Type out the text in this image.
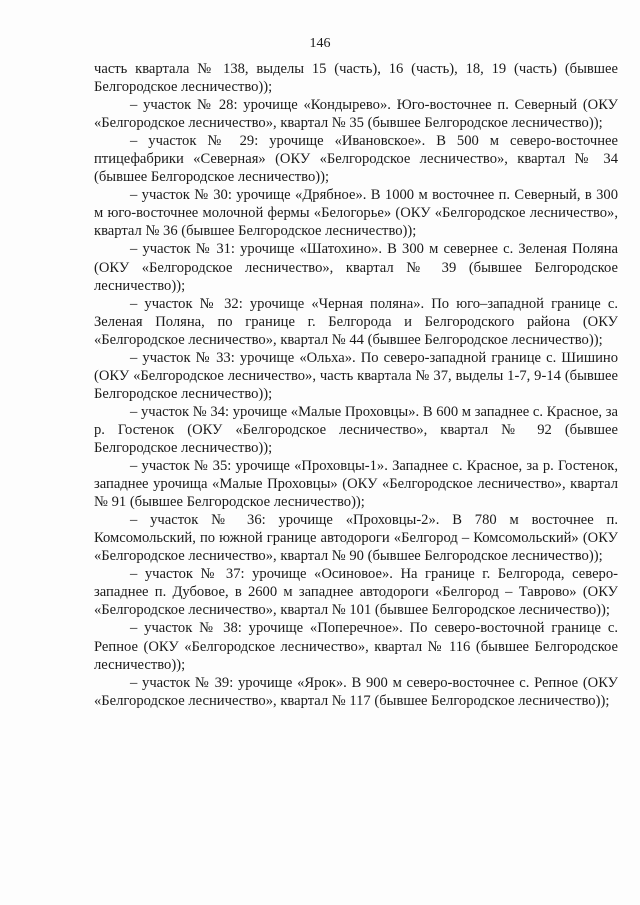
146

часть квартала № 138, выделы 15 (часть), 16 (часть), 18, 19 (часть) (бывшее Белгородское лесничество));

– участок № 28: урочище «Кондырево». Юго-восточнее п. Северный (ОКУ «Белгородское лесничество», квартал № 35 (бывшее Белгородское лесничество));

– участок № 29: урочище «Ивановское». В 500 м северо-восточнее птицефабрики «Северная» (ОКУ «Белгородское лесничество», квартал № 34 (бывшее Белгородское лесничество));

– участок № 30: урочище «Дрябное». В 1000 м восточнее п. Северный, в 300 м юго-восточнее молочной фермы «Белогорье» (ОКУ «Белгородское лесничество», квартал № 36 (бывшее Белгородское лесничество));

– участок № 31: урочище «Шатохино». В 300 м севернее с. Зеленая Поляна (ОКУ «Белгородское лесничество», квартал № 39 (бывшее Белгородское лесничество));

– участок № 32: урочище «Черная поляна». По юго–западной границе с. Зеленая Поляна, по границе г. Белгорода и Белгородского района (ОКУ «Белгородское лесничество», квартал № 44 (бывшее Белгородское лесничество));

– участок № 33: урочище «Ольха». По северо-западной границе с. Шишино (ОКУ «Белгородское лесничество», часть квартала № 37, выделы 1-7, 9-14 (бывшее Белгородское лесничество));

– участок № 34: урочище «Малые Проховцы». В 600 м западнее с. Красное, за р. Гостенок (ОКУ «Белгородское лесничество», квартал № 92 (бывшее Белгородское лесничество));

– участок № 35: урочище «Проховцы-1». Западнее с. Красное, за р. Гостенок, западнее урочища «Малые Проховцы» (ОКУ «Белгородское лесничество», квартал № 91 (бывшее Белгородское лесничество));

– участок № 36: урочище «Проховцы-2». В 780 м восточнее п. Комсомольский, по южной границе автодороги «Белгород – Комсомольский» (ОКУ «Белгородское лесничество», квартал № 90 (бывшее Белгородское лесничество));

– участок № 37: урочище «Осиновое». На границе г. Белгорода, северо-западнее п. Дубовое, в 2600 м западнее автодороги «Белгород – Таврово» (ОКУ «Белгородское лесничество», квартал № 101 (бывшее Белгородское лесничество));

– участок № 38: урочище «Поперечное». По северо-восточной границе с. Репное (ОКУ «Белгородское лесничество», квартал № 116 (бывшее Белгородское лесничество));

– участок № 39: урочище «Ярок». В 900 м северо-восточнее с. Репное (ОКУ «Белгородское лесничество», квартал № 117 (бывшее Белгородское лесничество));
